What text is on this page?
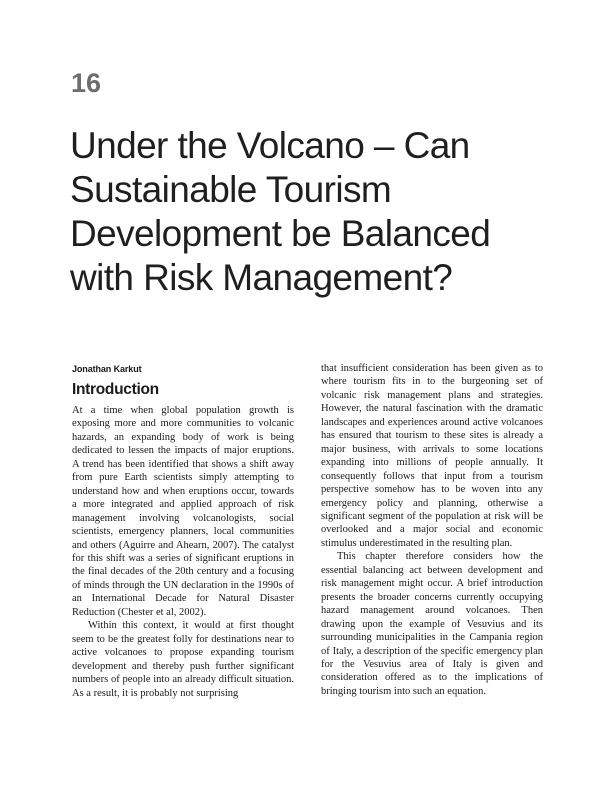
16
Under the Volcano – Can Sustainable Tourism Development be Balanced with Risk Management?
Jonathan Karkut
Introduction

At a time when global population growth is exposing more and more communities to volcanic hazards, an expanding body of work is being dedicated to lessen the impacts of major eruptions. A trend has been identified that shows a shift away from pure Earth scientists simply attempting to understand how and when eruptions occur, towards a more integrated and applied approach of risk management involving volcanologists, social scientists, emergency planners, local communities and others (Aguirre and Ahearn, 2007). The catalyst for this shift was a series of significant eruptions in the final decades of the 20th century and a focusing of minds through the UN declaration in the 1990s of an International Decade for Natural Disaster Reduction (Chester et al, 2002).

Within this context, it would at first thought seem to be the greatest folly for destinations near to active volcanoes to propose expanding tourism development and thereby push further significant numbers of people into an already difficult situation. As a result, it is probably not surprising

that insufficient consideration has been given as to where tourism fits in to the burgeoning set of volcanic risk management plans and strategies. However, the natural fascination with the dramatic landscapes and experiences around active volcanoes has ensured that tourism to these sites is already a major business, with arrivals to some locations expanding into millions of people annually. It consequently follows that input from a tourism perspective somehow has to be woven into any emergency policy and planning, otherwise a significant segment of the population at risk will be overlooked and a major social and economic stimulus underestimated in the resulting plan.

This chapter therefore considers how the essential balancing act between development and risk management might occur. A brief introduction presents the broader concerns currently occupying hazard management around volcanoes. Then drawing upon the example of Vesuvius and its surrounding municipalities in the Campania region of Italy, a description of the specific emergency plan for the Vesuvius area of Italy is given and consideration offered as to the implications of bringing tourism into such an equation.
